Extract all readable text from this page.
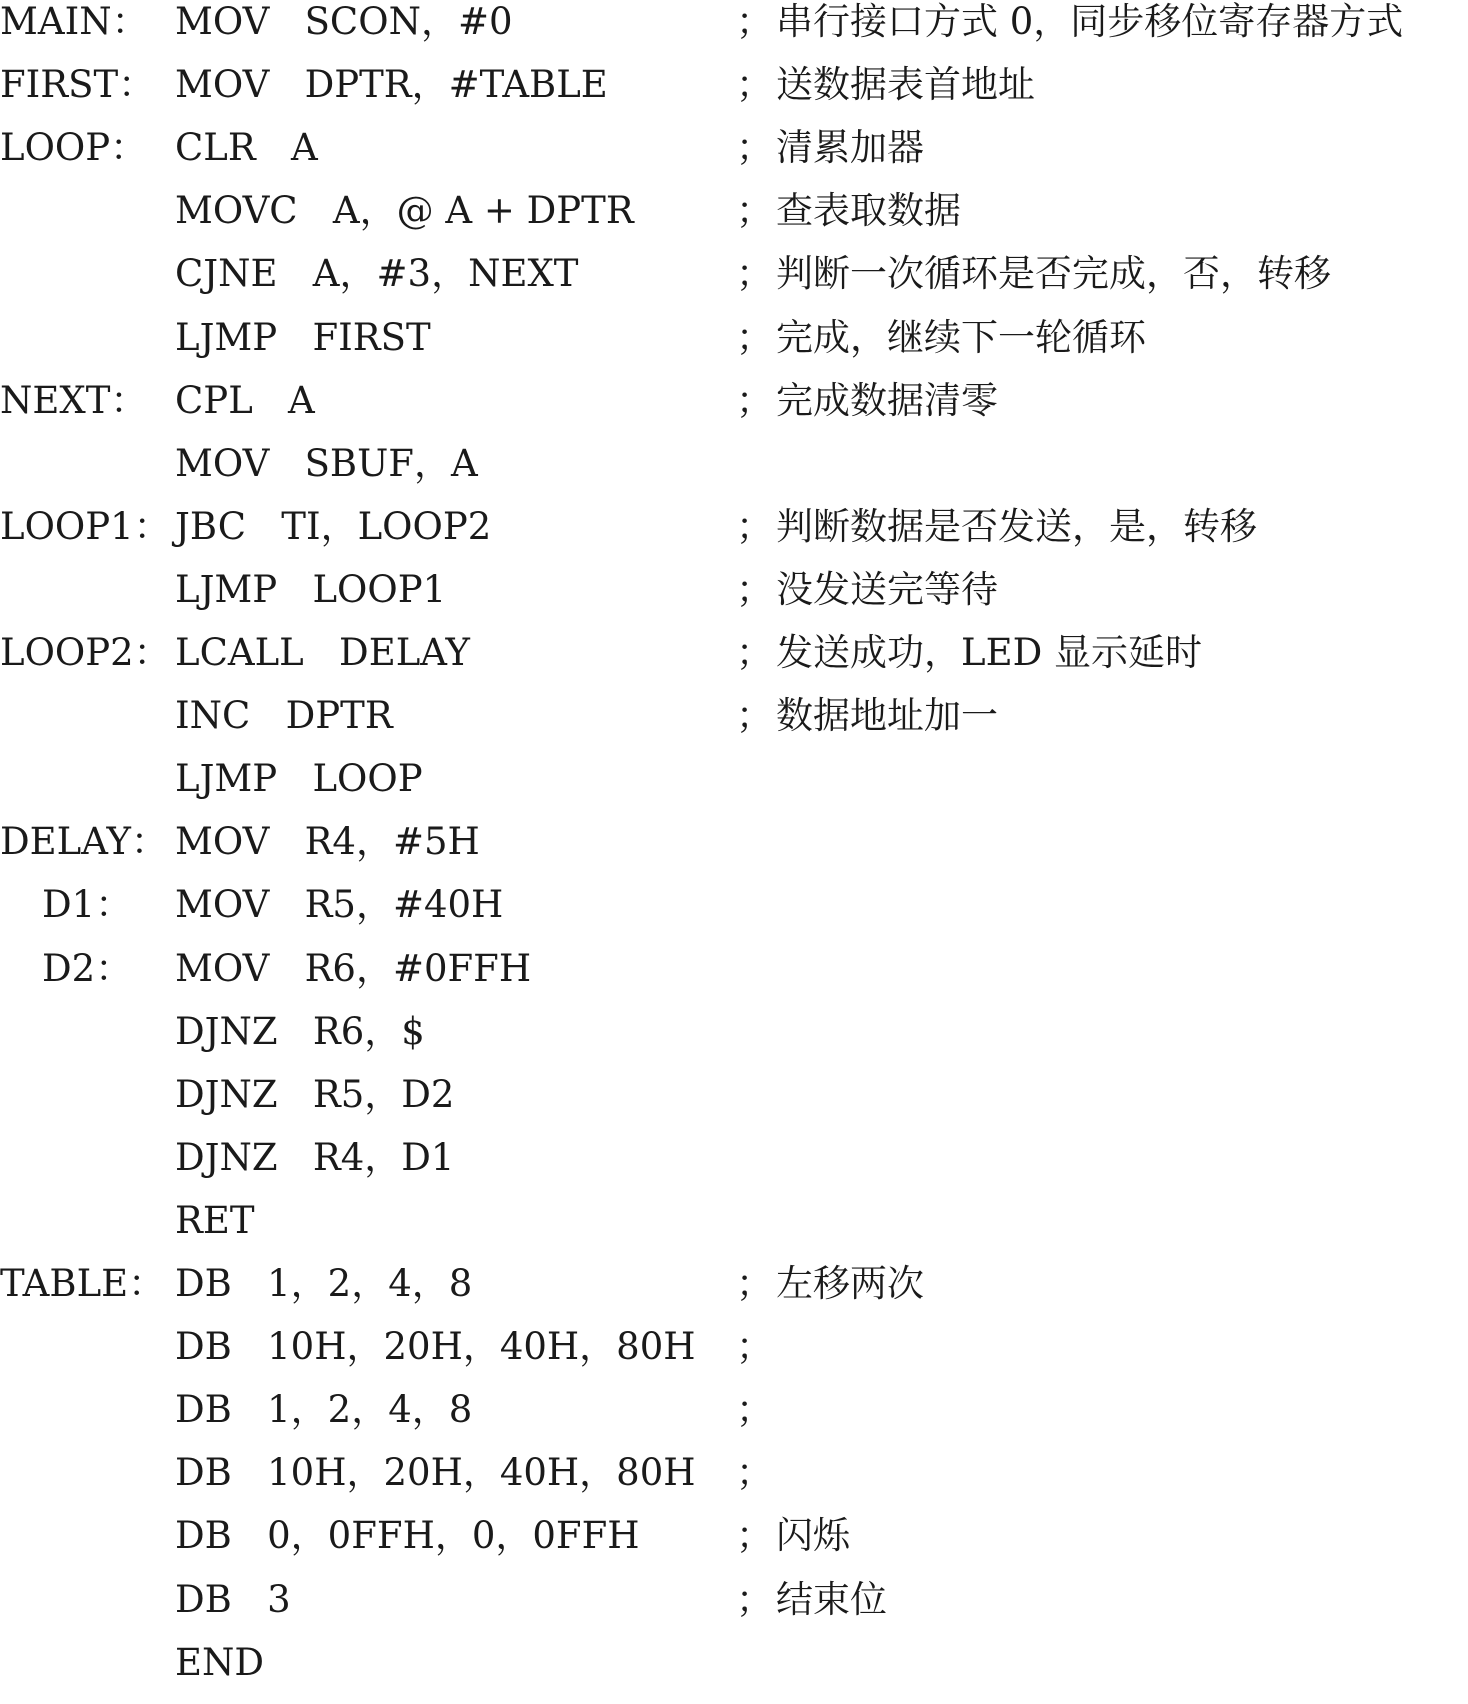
MAIN： MOV   SCON，#0	； 串行接口方式 0，同步移位寄存器方式
FIRST： MOV   DPTR，#TABLE	； 送数据表首地址
LOOP： CLR   A	； 清累加器
MOVC   A，@ A + DPTR	； 查表取数据
CJNE   A，#3，NEXT	； 判断一次循环是否完成，否，转移
LJMP   FIRST	； 完成，继续下一轮循环
NEXT： CPL   A	； 完成数据清零
MOV   SBUF，A
LOOP1： JBC   TI，LOOP2	； 判断数据是否发送，是，转移
LJMP   LOOP1	； 没发送完等待
LOOP2： LCALL   DELAY	； 发送成功，LED 显示延时
INC   DPTR	； 数据地址加一
LJMP   LOOP
DELAY： MOV   R4，#5H
D1： MOV   R5，#40H
D2： MOV   R6，#0FFH
DJNZ   R6，$
DJNZ   R5，D2
DJNZ   R4，D1
RET
TABLE： DB   1，2，4，8	； 左移两次
DB   10H，20H，40H，80H ；
DB   1，2，4，8	；
DB   10H，20H，40H，80H ；
DB   0，0FFH，0，0FFH	； 闪烁
DB   3	； 结束位
END
